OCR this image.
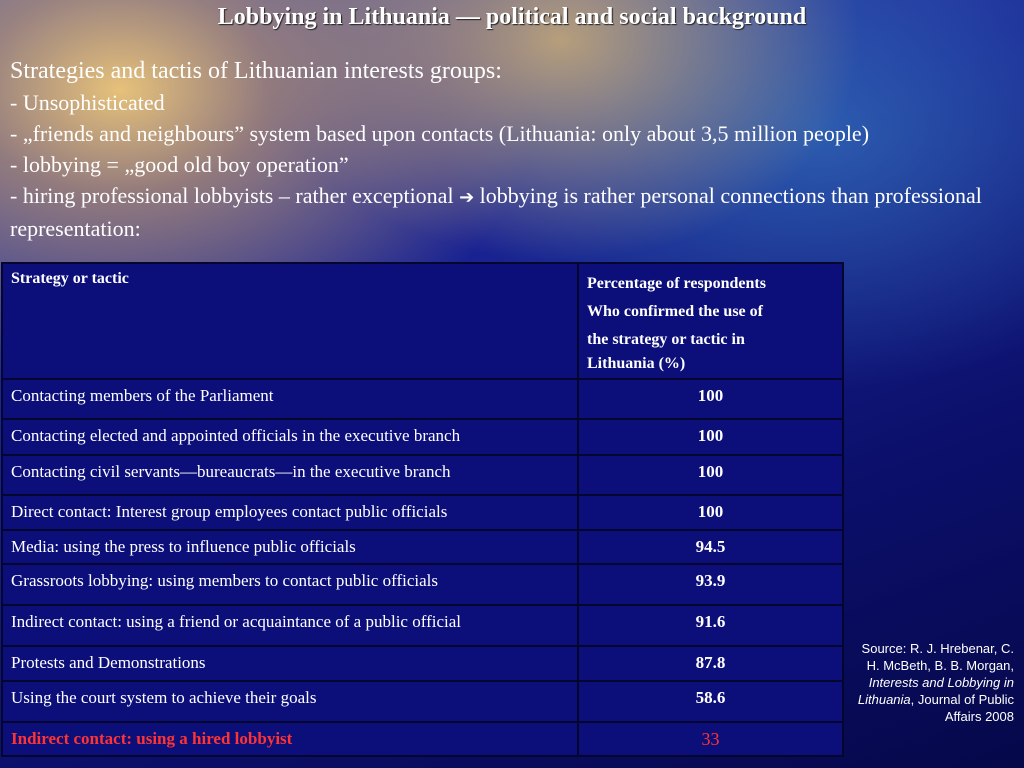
Lobbying in Lithuania — political and social background

Strategies and tactis of Lithuanian interests groups:

- Unsophisticated

- „friends and neighbours” system based upon contacts (Lithuania: only about 3,5 million people)

- lobbying = „good old boy operation”

- hiring professional lobbyists – rather exceptional ➔ lobbying is rather personal connections than professional representation:

Strategy or tactic	Percentage of respondents
Who confirmed the use of
the strategy or tactic in
Lithuania (%)

Contacting members of the Parliament	100
Contacting elected and appointed officials in the executive branch	100
Contacting civil servants—bureaucrats—in the executive branch	100
Direct contact: Interest group employees contact public officials	100
Media: using the press to influence public officials	94.5
Grassroots lobbying: using members to contact public officials	93.9
Indirect contact: using a friend or acquaintance of a public official	91.6
Protests and Demonstrations	87.8
Using the court system to achieve their goals	58.6
Indirect contact: using a hired lobbyist	33
Source: R. J. Hrebenar, C. H. McBeth, B. B. Morgan, Interests and Lobbying in Lithuania, Journal of Public Affairs 2008
